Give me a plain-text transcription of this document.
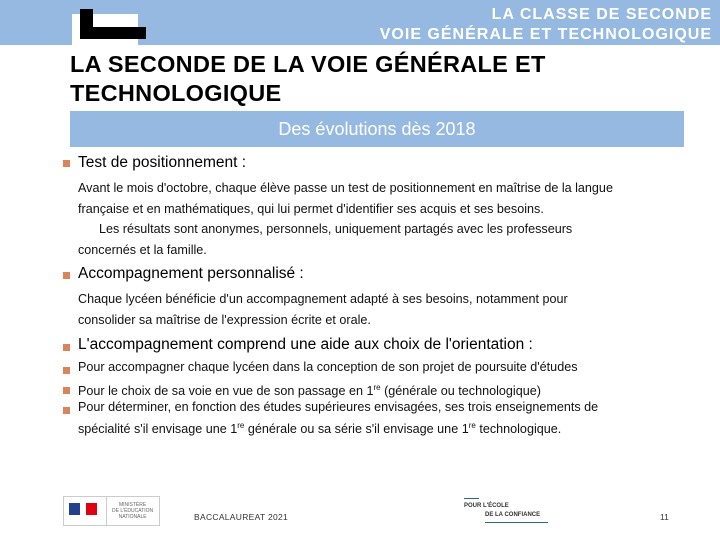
LA CLASSE DE SECONDE
VOIE GÉNÉRALE ET TECHNOLOGIQUE
LA SECONDE DE LA VOIE GÉNÉRALE ET
TECHNOLOGIQUE
Des évolutions dès 2018
Test de positionnement :
Avant le mois d'octobre, chaque élève passe un test de positionnement en maîtrise de la langue
française et en mathématiques, qui lui permet d'identifier ses acquis et ses besoins.
Les résultats sont anonymes, personnels, uniquement partagés avec les professeurs
concernés et la famille.
Accompagnement personnalisé :
Chaque lycéen bénéficie d'un accompagnement adapté à ses besoins, notamment pour
consolider sa maîtrise de l'expression écrite et orale.
L'accompagnement comprend une aide aux choix de l'orientation :
Pour accompagner chaque lycéen dans la conception de son projet de poursuite d'études
Pour le choix de sa voie en vue de son passage en 1re (générale ou technologique)
Pour déterminer, en fonction des études supérieures envisagées, ses trois enseignements de
spécialité s'il envisage une 1re générale ou sa série s'il envisage une 1re technologique.
MINISTÈRE
DE L'ÉDUCATION
NATIONALE	BACCALAUREAT 2021
POUR L'ÉCOLE
DE LA CONFIANCE	11
